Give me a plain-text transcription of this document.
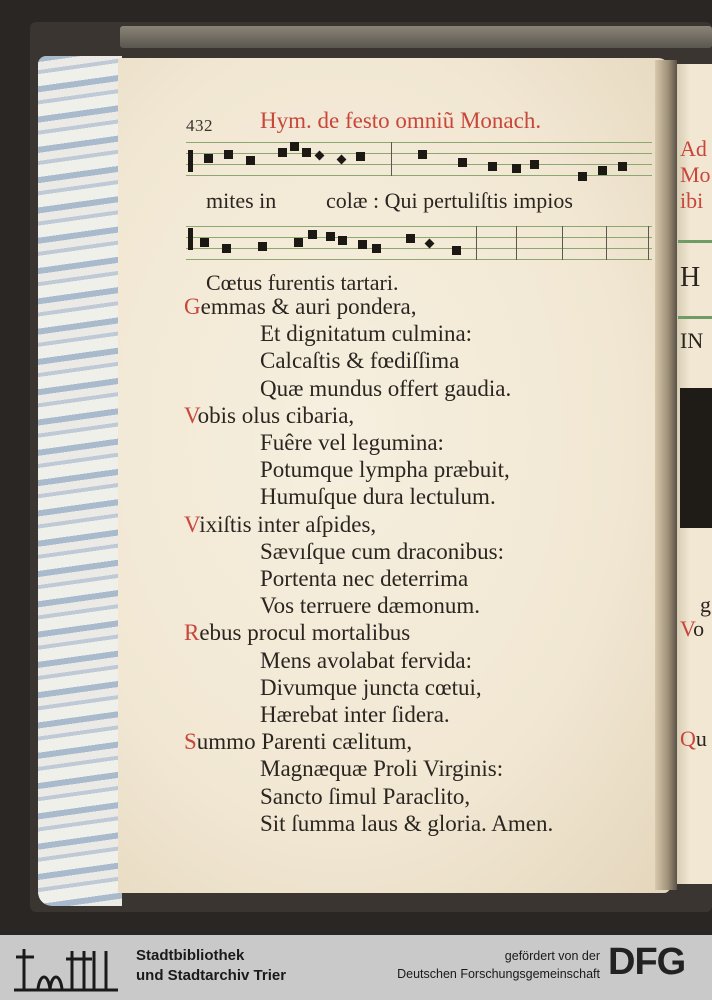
432 Hym. de festo omniũ Monach.
mites in colæ : Qui pertuliſtis impios
Cœtus furentis tartari.
Gemmas & auri pondera,
Et dignitatum culmina:
Calcaſtis & fœdiſſima
Quæ mundus offert gaudia.
Vobis olus cibaria,
Fuêre vel legumina:
Potumque lympha præbuit,
Humuſque dura lectulum.
Vixiſtis inter aſpides,
Sævıſque cum draconibus:
Portenta nec deterrima
Vos terruere dæmonum.
Rebus procul mortalibus
Mens avolabat fervida:
Divumque juncta cœtui,
Hærebat inter ſidera.
Summo Parenti cælitum,
Magnæquæ Proli Virginis:
Sancto ſimul Paraclito,
Sit ſumma laus & gloria. Amen.
Ad
Mo
ibi
H
IN
g
Vo
Qu
Stadtbibliothek
und Stadtarchiv Trier
gefördert von der
Deutschen Forschungsgemeinschaft DFG
